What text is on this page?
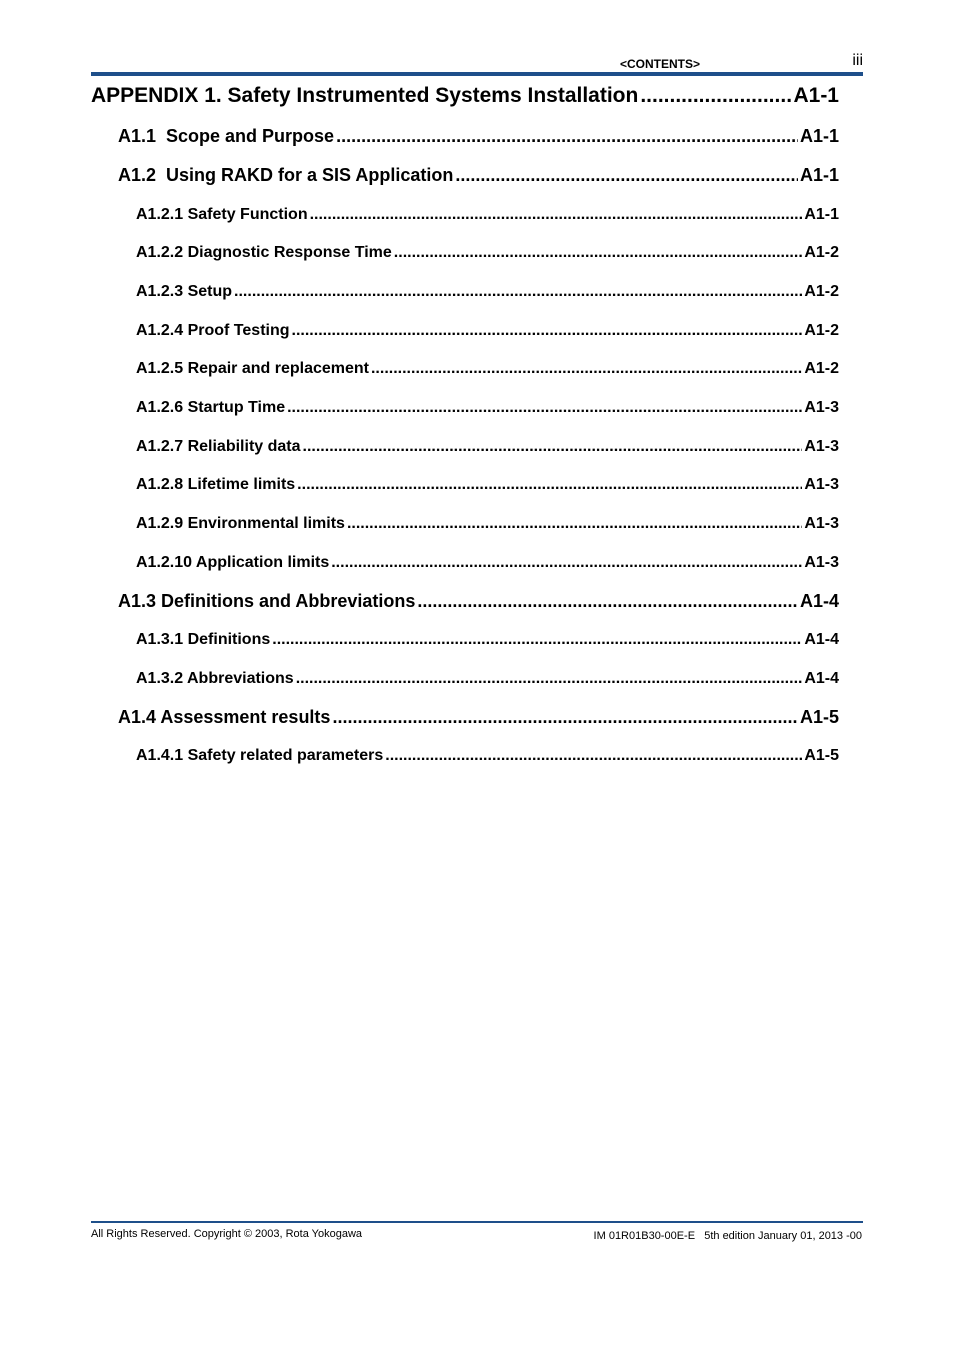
<CONTENTS>	iii
APPENDIX 1. Safety Instrumented Systems Installation .....	A1-1
A1.1  Scope and Purpose .....	A1-1
A1.2  Using RAKD for a SIS Application .....	A1-1
A1.2.1 Safety Function .....	A1-1
A1.2.2 Diagnostic Response Time .....	A1-2
A1.2.3 Setup .....	A1-2
A1.2.4 Proof Testing .....	A1-2
A1.2.5 Repair and replacement .....	A1-2
A1.2.6 Startup Time .....	A1-3
A1.2.7 Reliability data .....	A1-3
A1.2.8 Lifetime limits .....	A1-3
A1.2.9 Environmental limits .....	A1-3
A1.2.10 Application limits .....	A1-3
A1.3 Definitions and Abbreviations .....	A1-4
A1.3.1 Definitions .....	A1-4
A1.3.2 Abbreviations .....	A1-4
A1.4 Assessment results .....	A1-5
A1.4.1 Safety related parameters .....	A1-5
All Rights Reserved. Copyright © 2003, Rota Yokogawa	IM 01R01B30-00E-E 5th edition January 01, 2013 -00
